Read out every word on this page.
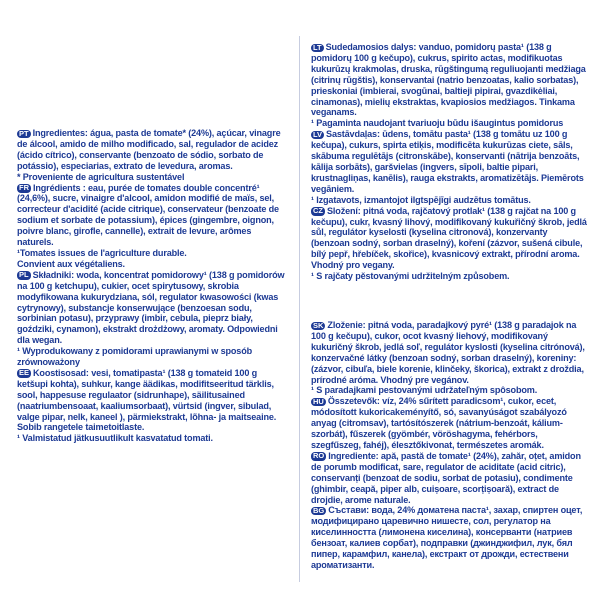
PT Ingredientes: água, pasta de tomate* (24%), açúcar, vinagre de álcool, amido de milho modificado, sal, regulador de acidez (ácido cítrico), conservante (benzoato de sódio, sorbato de potássio), especiarias, extrato de levedura, aromas.
* Proveniente de agricultura sustentável

FR Ingrédients : eau, purée de tomates double concentré¹ (24,6%), sucre, vinaigre d'alcool, amidon modifié de maïs, sel, correcteur d'acidité (acide citrique), conservateur (benzoate de sodium et sorbate de potassium), épices (gingembre, oignon, poivre blanc, girofle, cannelle), extrait de levure, arômes naturels.
¹Tomates issues de l'agriculture durable.
Convient aux végétaliens.

PL Składniki: woda, koncentrat pomidorowy¹ (138 g pomidorów na 100 g ketchupu), cukier, ocet spirytusowy, skrobia modyfikowana kukurydziana, sól, regulator kwasowości (kwas cytrynowy), substancje konserwujące (benzoesan sodu, sorbinian potasu), przyprawy (imbir, cebula, pieprz biały, goździki, cynamon), ekstrakt drożdżowy, aromaty. Odpowiedni dla wegan.
¹ Wyprodukowany z pomidorami uprawianymi w sposób zrównoważony

EE Koostisosad: vesi, tomatipasta¹ (138 g tomateid 100 g ketšupi kohta), suhkur, kange äädikas, modifitseeritud tärklis, sool, happesuse regulaator (sidrunhape), säilitusained (naatriumbensoaat, kaaliumsorbaat), vürtsid (ingver, sibulad, valge pipar, nelk, kaneel ), pärmiekstrakt, lõhna- ja maitseaine. Sobib rangetele taimetoitlaste.
¹ Valmistatud jätkusuutlikult kasvatatud tomati.

LT Sudedamosios dalys: vanduo, pomidorų pasta¹ (138 g pomidorų 100 g kečupo), cukrus, spirito actas, modifikuotas kukurūzų krakmolas, druska, rūgštingumą reguliuojanti medžiaga (citrinų rūgštis), konservantai (natrio benzoatas, kalio sorbatas), prieskoniai (imbierai, svogūnai, baltieji pipirai, gvazdikėliai, cinamonas), mielių ekstraktas, kvapiosios medžiagos. Tinkama veganams.
¹ Pagaminta naudojant tvariuoju būdu išaugintus pomidorus

LV Sastāvdaļas: ūdens, tomātu pasta¹ (138 g tomātu uz 100 g kečupa), cukurs, spirta etiķis, modificēta kukurūzas ciete, sāls, skābuma regulētājs (citronskābe), konservanti (nātrija benzoāts, kālija sorbāts), garšvielas (ingvers, sīpoli, baltie pipari, krustnagliņas, kanēlis), rauga ekstrakts, aromatizētājs. Piemērots vegāniem.
¹ Izgatavots, izmantojot ilgtspējīgi audzētus tomātus.

CZ Složení: pitná voda, rajčatový protlak¹ (138 g rajčat na 100 g kečupu), cukr, kvasný lihový, modifikovaný kukuřičný škrob, jedlá sůl, regulátor kyselosti (kyselina citronová), konzervanty (benzoan sodný, sorban draselný), koření (zázvor, sušená cibule, bílý pepř, hřebíček, skořice), kvasnicový extrakt, přírodní aroma. Vhodný pro vegany.
¹ S rajčaty pěstovanými udržitelným způsobem.

SK Zloženie: pitná voda, paradajkový pyré¹ (138 g paradajok na 100 g kečupu), cukor, ocot kvasný liehový, modifikovaný kukuričný škrob, jedlá soľ, regulátor kyslosti (kyselina citrónová), konzervačné látky (benzoan sodný, sorban draselný), koreniny: (zázvor, cibuľa, biele korenie, klinčeky, škorica), extrakt z droždia, prírodné aróma. Vhodný pre vegánov.
¹ S paradajkami pestovanými udržateľným spôsobom.

HU Összetevők: víz, 24% sűrített paradicsom¹, cukor, ecet, módosított kukoricakeményítő, só, savanyúságot szabályozó anyag (citromsav), tartósítószerek (nátrium-benzoát, kálium-szorbát), fűszerek (gyömbér, vöröshagyma, fehérbors, szegfűszeg, fahéj), élesztőkivonat, természetes aromák.

RO Ingrediente: apă, pastă de tomate¹ (24%), zahăr, oțet, amidon de porumb modificat, sare, regulator de aciditate (acid citric), conservanți (benzoat de sodiu, sorbat de potasiu), condimente (ghimbir, ceapă, piper alb, cuișoare, scorțișoară), extract de drojdie, arome naturale.

BG Състави: вода, 24% доматена паста¹, захар, спиртен оцет, модифицирано царевично нишесте, сол, регулатор на киселинността (лимонена киселина), консерванти (натриев бензоат, калиев сорбат), подправки (джинджифил, лук, бял пипер, карамфил, канела), екстракт от дрожди, естествени ароматизанти.
